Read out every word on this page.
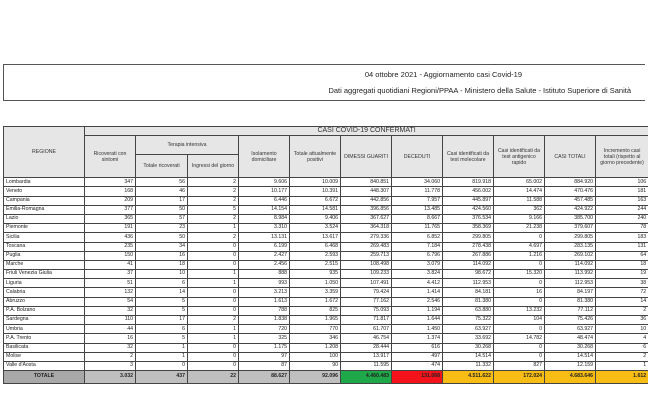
04 ottobre 2021 - Aggiornamento casi Covid-19
Dati aggregati quotidiani Regioni/PPAA - Ministero della Salute - Istituto Superiore di Sanità
REGIONE	CASI COVID-19 CONFERMATI										
	Ricoverati con sintomi	Terapia intensiva		Isolamento domiciliare	Totale attualmente positivi	DIMESSI GUARITI	DECEDUTI	Casi identificati da test molecolare	Casi identificati da test antigenico rapido	CASI TOTALI	Incremento casi totali (rispetto al giorno precedente)
		Totale ricoverati	Ingressi del giorno								
Lombardia	347	56	2	9.606	10.009	840.851	34.060	819.918	65.002	884.920	106
Veneto	168	46	2	10.177	10.391	448.307	11.778	456.002	14.474	470.476	181
Campania	209	17	2	6.446	6.672	442.856	7.957	445.897	11.588	457.485	163
Emilia-Romagna	377	50	5	14.154	14.581	396.856	13.485	424.560	362	424.922	244
Lazio	365	57	2	8.984	9.406	367.627	8.667	376.534	9.166	385.700	240
Piemonte	191	23	1	3.310	3.524	364.318	11.765	358.369	21.238	379.607	78
Sicilia	436	50	2	13.131	13.617	279.336	6.852	299.805	0	299.805	183
Toscana	235	34	0	6.199	6.468	269.483	7.184	278.438	4.697	283.135	131
Puglia	150	16	0	2.427	2.593	259.713	6.796	267.886	1.216	269.102	64
Marche	41	18	0	2.456	2.515	108.498	3.079	114.092	0	114.092	18
Friuli Venezia Giulia	37	10	1	888	935	109.233	3.824	98.672	15.320	113.992	19
Liguria	51	6	1	993	1.050	107.491	4.412	112.953	0	112.953	38
Calabria	132	14	0	3.213	3.359	79.424	1.414	84.181	16	84.197	72
Abruzzo	54	5	0	1.613	1.672	77.162	2.546	81.380	0	81.380	14
P.A. Bolzano	32	5	0	788	825	75.093	1.194	63.880	13.232	77.112	2
Sardegna	110	17	2	1.838	1.965	71.817	1.644	75.322	104	75.426	36
Umbria	44	6	1	720	770	61.707	1.450	63.927	0	63.927	10
P.A. Trento	16	5	1	325	346	46.754	1.374	33.692	14.782	48.474	4
Basilicata	32	1	0	1.175	1.208	28.444	616	30.268	0	30.268	6
Molise	2	1	0	97	100	13.917	497	14.514	0	14.514	2
Valle d'Aosta	3	0	0	87	90	11.595	474	11.332	827	12.159	1
TOTALE	3.032	437	22	88.627	92.096	4.460.483	131.068	4.511.622	172.024	4.683.646	1.612
